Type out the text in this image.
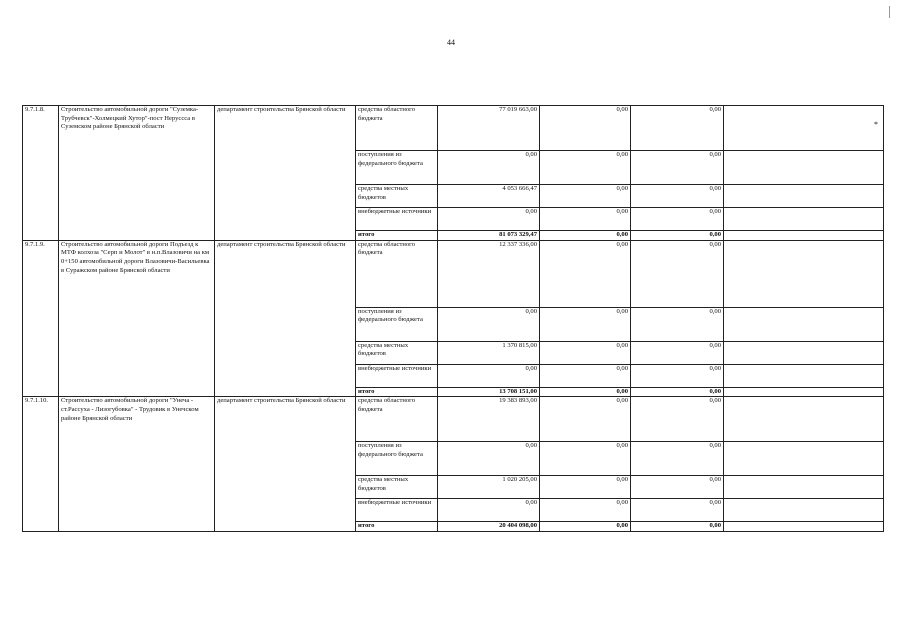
44
*
9.7.1.8.	Строительство автомобильной дороги "Суземка-Трубчевск"-Холмецкий Хутор"-пост Неруссса в Суземском районе Брянской области	департамент строительства Брянской области	средства областного бюджета	77 019 663,00	0,00	0,00	
			поступления из федерального бюджета	0,00	0,00	0,00	
			средства местных бюджетов	4 053 666,47	0,00	0,00	
			внебюджетные источники	0,00	0,00	0,00	
			итого	81 073 329,47	0,00	0,00	
9.7.1.9.	Строительство автомобильной дороги Подъезд к МТФ колхоза "Серп и Молот" в н.п.Влазовичи на км 0+150 автомобильной дороги Влазовичи-Васильевка в Суражском районе Брянской области	департамент строительства Брянской области	средства областного бюджета	12 337 336,00	0,00	0,00	
			поступления из федерального бюджета	0,00	0,00	0,00	
			средства местных бюджетов	1 370 815,00	0,00	0,00	
			внебюджетные источники	0,00	0,00	0,00	
			итого	13 708 151,00	0,00	0,00	
9.7.1.10.	Строительство автомобильной дороги "Унеча - ст.Рассуха - Лизогубовка" - Трудовик в Унечском районе Брянской области	департамент строительства Брянской области	средства областного бюджета	19 383 893,00	0,00	0,00	
			поступления из федерального бюджета	0,00	0,00	0,00	
			средства местных бюджетов	1 020 205,00	0,00	0,00	
			внебюджетные источники	0,00	0,00	0,00	
			итого	20 404 098,00	0,00	0,00	
